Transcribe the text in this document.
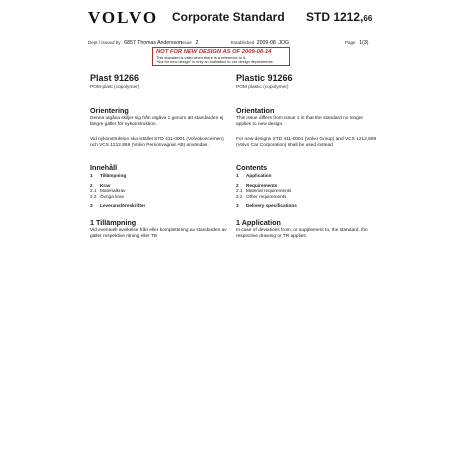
VOLVO Corporate Standard STD 1212,66
Dept / Issued by 6857 Thomas Andersson Issue 2	Established 2009-08 JOG	Page 1(3)
NOT FOR NEW DESIGN AS OF 2009-08-14
This standard is valid when there is a reference to it.
"Not for new design" is only an indication to our design departments.
Plast 91266
POM-plast (copolymer)
Orientering
Denna utgåva skiljer sig från utgåva 1 genom att standarden ej längre gäller för nykonstruktion.
Vid nykonstruktion ska istället STD 411-0001 (Volvokoncernen) och VCS 1212,869 (Volvo Personvagnar AB) användas.
Innehåll
1 Tillämpning
2 Krav
2.1 Materialkrav
2.2 Övriga krav
3 Leveransföreskrifter
1 Tillämpning
Vid eventuell avvikelse från eller komplettering av standarden av gäller respektive ritning eller TB
Plastic 91266
POM plastic (copolymer)
Orientation
This issue differs from issue 1 in that the standard no longer applies to new design.
For new designs STD 411-0001 (Volvo Group) and VCS 1212,869 (Volvo Car Corporation) shall be used instead.
Contents
1 Application
2 Requirements
2.1 Material requirements
2.2 Other requirements
3 Delivery specifications
1 Application
In case of deviations from, or supplement to, the standard, the respective drawing or TR applies.
